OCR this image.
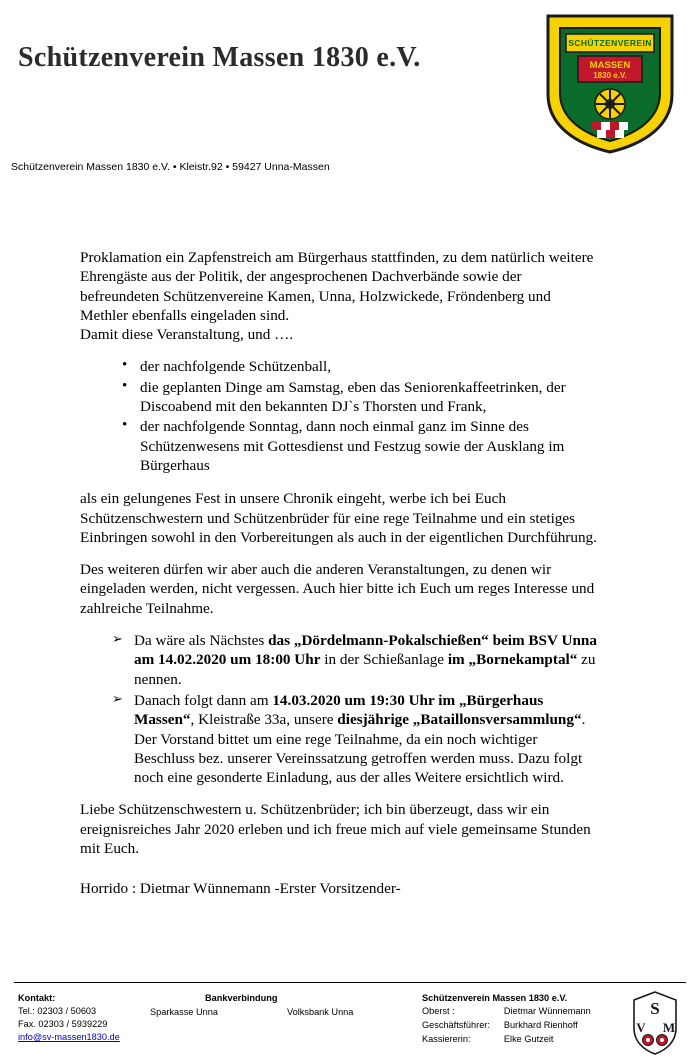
Schützenverein Massen 1830 e.V.
Schützenverein Massen 1830 e.V. • Kleistr.92 • 59427 Unna-Massen
SCHÜTZENVEREIN
MASSEN
1830 e.V.

Proklamation ein Zapfenstreich am Bürgerhaus stattfinden, zu dem natürlich weitere Ehrengäste aus der Politik, der angesprochenen Dachverbände sowie der befreundeten Schützenvereine Kamen, Unna, Holzwickede, Fröndenberg und Methler ebenfalls eingeladen sind.

Damit diese Veranstaltung, und ….

• der nachfolgende Schützenball,
• die geplanten Dinge am Samstag, eben das Seniorenkaffeetrinken, der Discoabend mit den bekannten DJ`s Thorsten und Frank,
• der nachfolgende Sonntag, dann noch einmal ganz im Sinne des Schützenwesens mit Gottesdienst und Festzug sowie der Ausklang im Bürgerhaus

als ein gelungenes Fest in unsere Chronik eingeht, werbe ich bei Euch Schützenschwestern und Schützenbrüder für eine rege Teilnahme und ein stetiges Einbringen sowohl in den Vorbereitungen als auch in der eigentlichen Durchführung.

Des weiteren dürfen wir aber auch die anderen Veranstaltungen, zu denen wir eingeladen werden, nicht vergessen. Auch hier bitte ich Euch um reges Interesse und zahlreiche Teilnahme.

➢ Da wäre als Nächstes das „Dördelmann-Pokalschießen“ beim BSV Unna am 14.02.2020 um 18:00 Uhr in der Schießanlage im „Bornekamptal“ zu nennen.
➢ Danach folgt dann am 14.03.2020 um 19:30 Uhr im „Bürgerhaus Massen“, Kleistraße 33a, unsere diesjährige „Bataillonsversammlung“. Der Vorstand bittet um eine rege Teilnahme, da ein noch wichtiger Beschluss bez. unserer Vereinssatzung getroffen werden muss. Dazu folgt noch eine gesonderte Einladung, aus der alles Weitere ersichtlich wird.

Liebe Schützenschwestern u. Schützenbrüder; ich bin überzeugt, dass wir ein ereignisreiches Jahr 2020 erleben und ich freue mich auf viele gemeinsame Stunden mit Euch.

Horrido : Dietmar Wünnemann -Erster Vorsitzender-
Kontakt:
Tel.: 02303 / 50603
Fax. 02303 / 5939229
info@sv-massen1830.de
Bankverbindung
Sparkasse Unna	Volksbank Unna
Schützenverein Massen 1830 e.V.
Oberst :	Dietmar Wünnemann
Geschäftsführer:	Burkhard Rienhoff
Kassiererin:	Elke Gutzeit
S
V M
